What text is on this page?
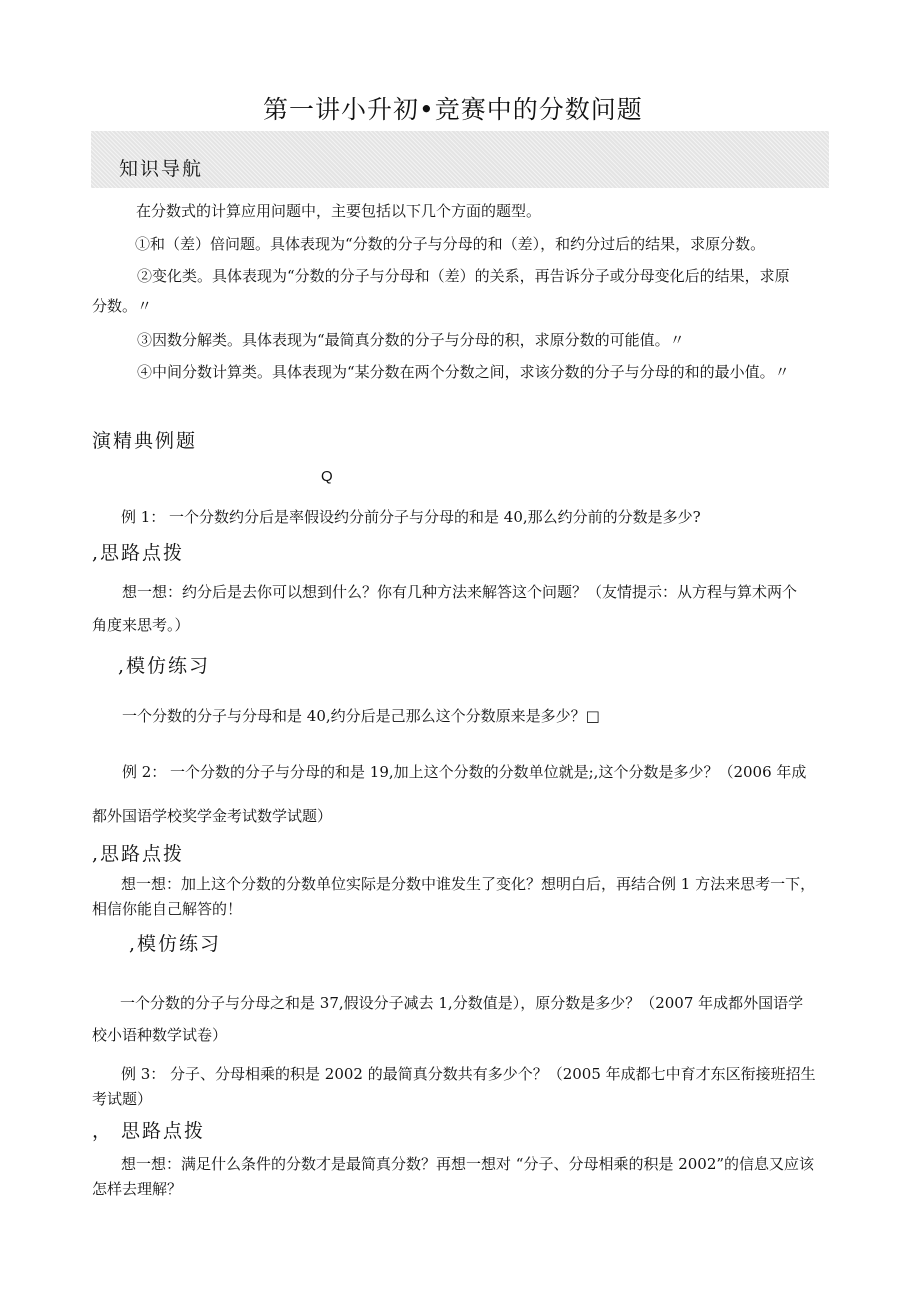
第一讲小升初•竞赛中的分数问题
知识导航
在分数式的计算应用问题中，主要包括以下几个方面的题型。
①和（差）倍问题。具体表现为“分数的分子与分母的和（差），和约分过后的结果，求原分数。
②变化类。具体表现为“分数的分子与分母和（差）的关系，再告诉分子或分母变化后的结果，求原
分数。〃
③因数分解类。具体表现为“最简真分数的分子与分母的积，求原分数的可能值。〃
④中间分数计算类。具体表现为“某分数在两个分数之间，求该分数的分子与分母的和的最小值。〃
演精典例题
Q
例 1： 一个分数约分后是率假设约分前分子与分母的和是 40,那么约分前的分数是多少?
,思路点拨
想一想：约分后是去你可以想到什么？你有几种方法来解答这个问题？（友情提示：从方程与算术两个
角度来思考。）
,模仿练习
一个分数的分子与分母和是 40,约分后是己那么这个分数原来是多少？□
例 2： 一个分数的分子与分母的和是 19,加上这个分数的分数单位就是;,这个分数是多少？（2006 年成
都外国语学校奖学金考试数学试题）
,思路点拨
想一想：加上这个分数的分数单位实际是分数中谁发生了变化？想明白后，再结合例 1 方法来思考一下，
相信你能自己解答的！
,模仿练习
一个分数的分子与分母之和是 37,假设分子减去 1,分数值是），原分数是多少？（2007 年成都外国语学
校小语种数学试卷）
例 3： 分子、分母相乘的积是 2002 的最简真分数共有多少个？（2005 年成都七中育才东区衔接班招生
考试题）
， 思路点拨
想一想：满足什么条件的分数才是最简真分数？再想一想对 “分子、分母相乘的积是 2002”的信息又应该
怎样去理解？
